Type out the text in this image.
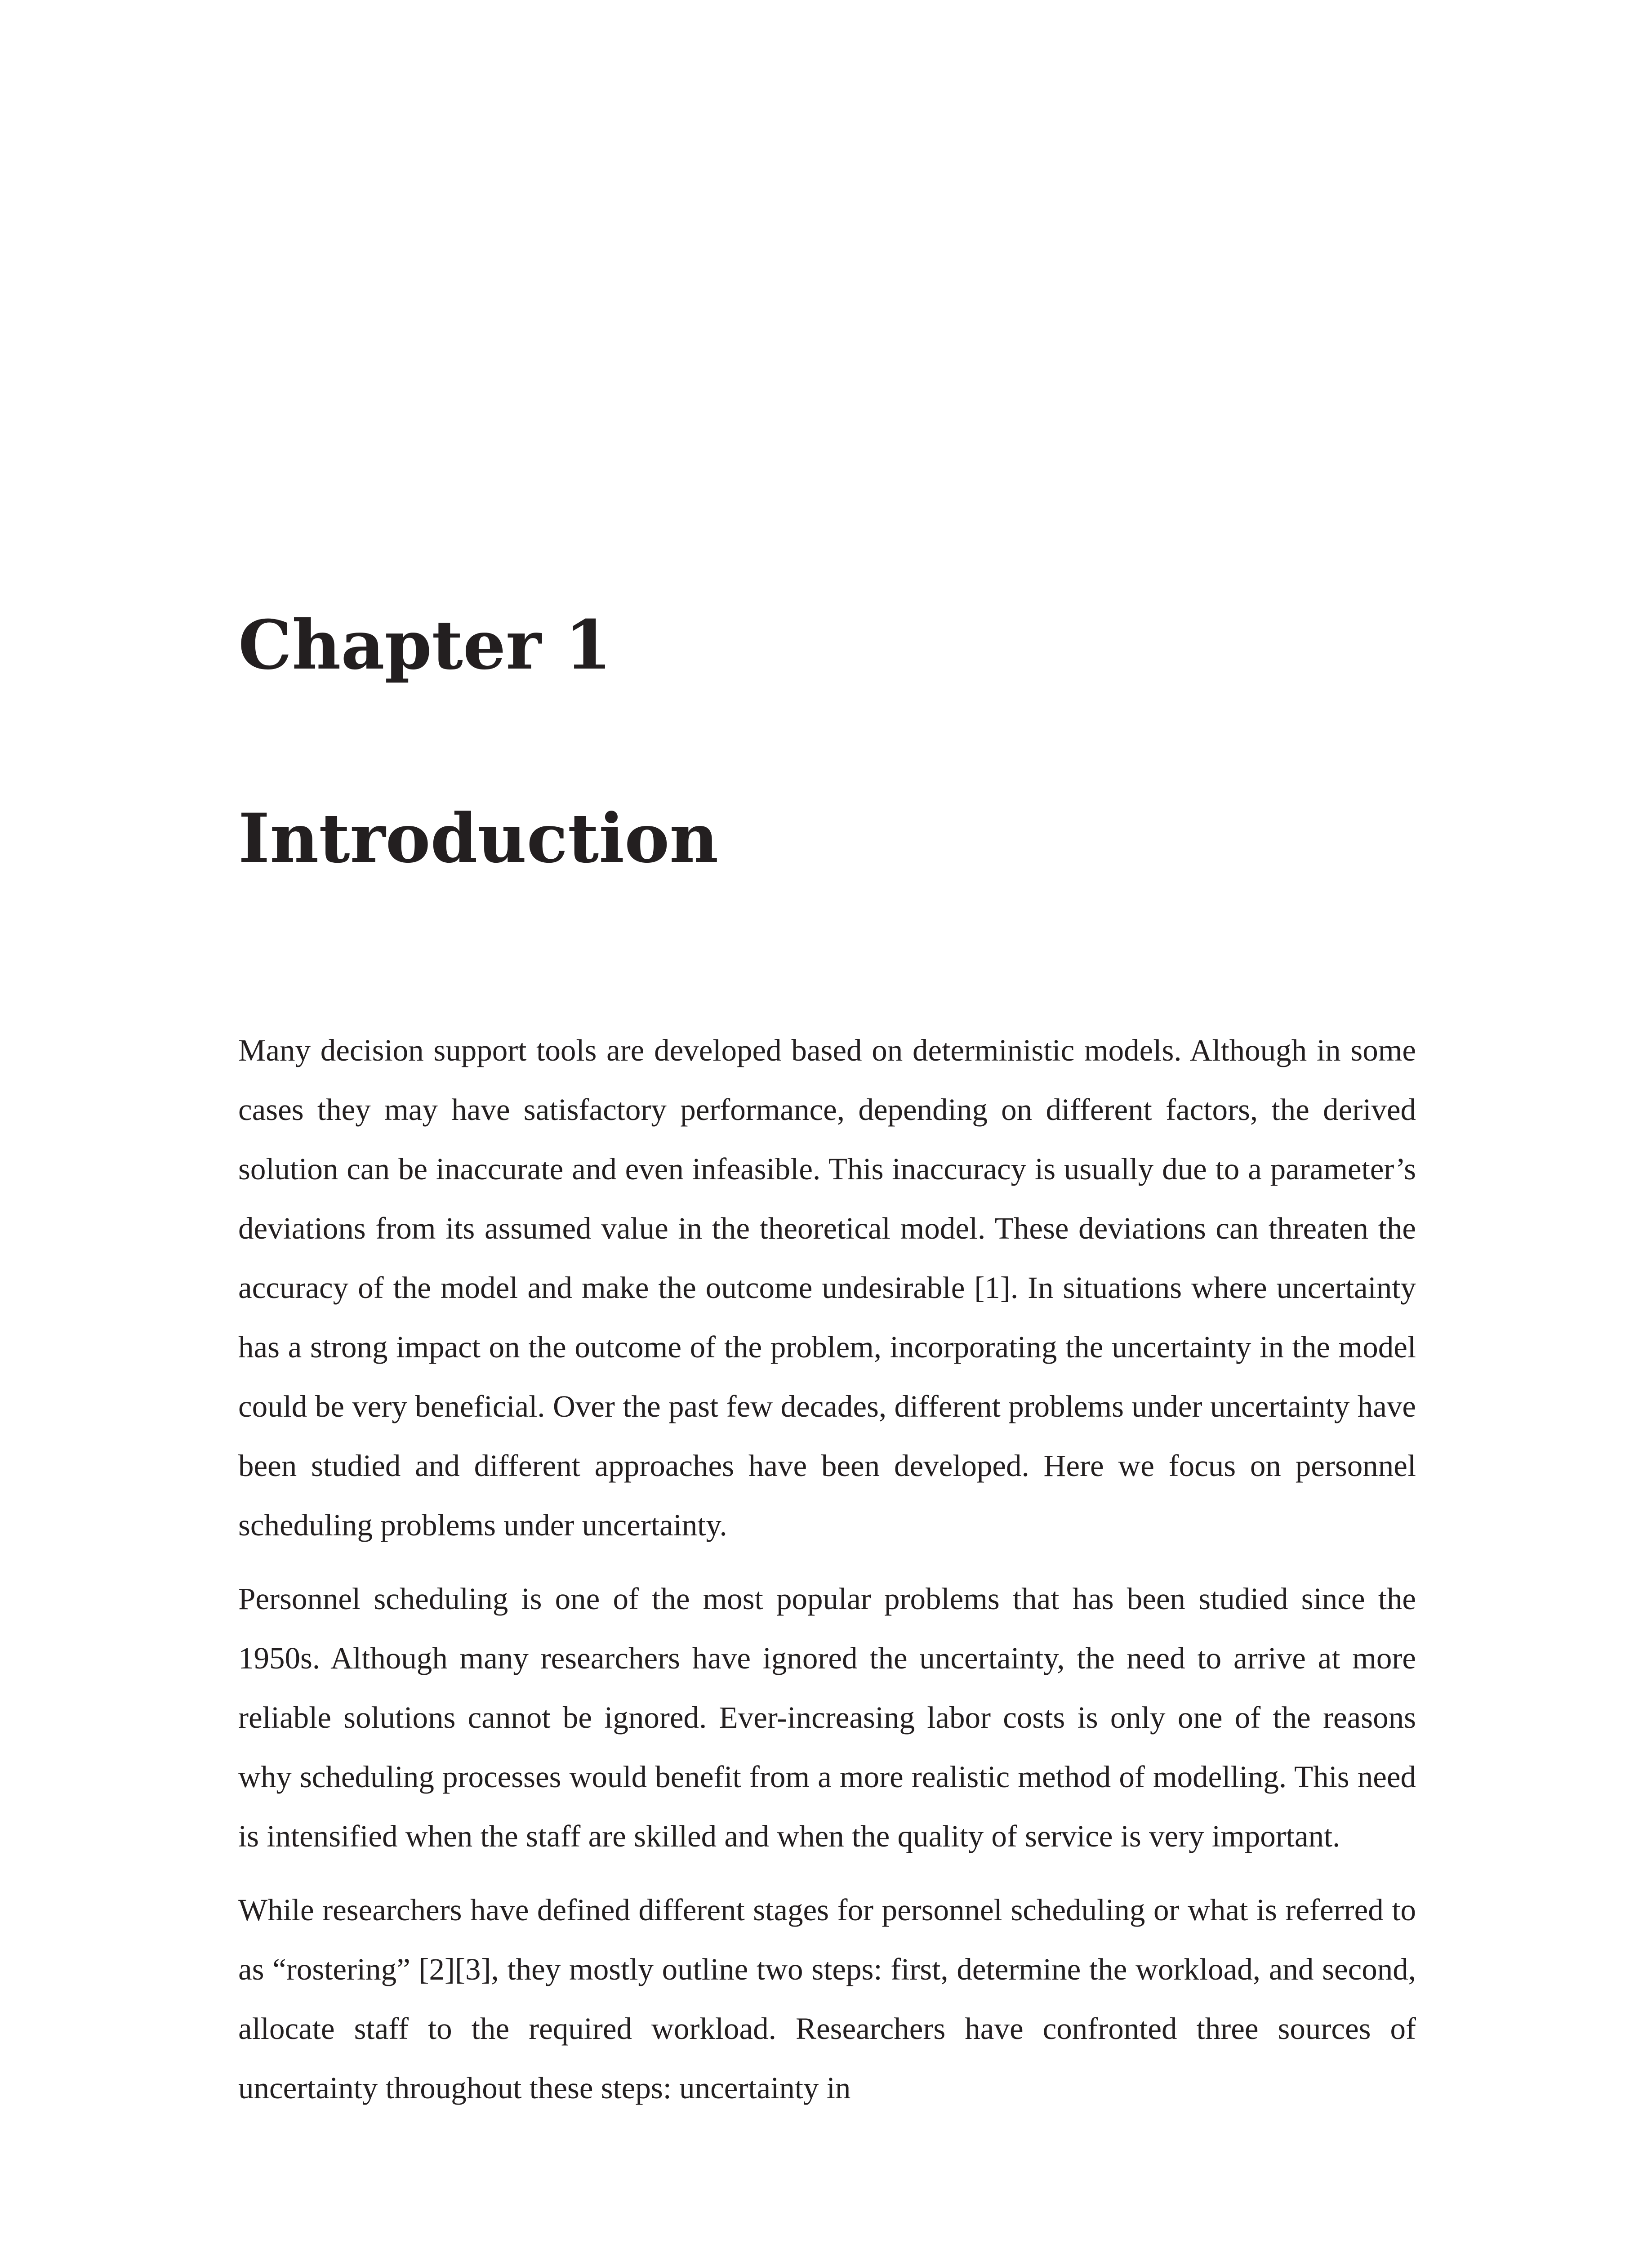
Chapter 1
Introduction

Many decision support tools are developed based on deterministic models. Although in some cases they may have satisfactory performance, depending on different factors, the derived solution can be inaccurate and even infeasible. This inaccuracy is usually due to a parameter’s deviations from its assumed value in the theoretical model. These deviations can threaten the accuracy of the model and make the outcome undesirable [1]. In situations where uncertainty has a strong impact on the outcome of the problem, incorporating the uncertainty in the model could be very beneficial. Over the past few decades, different problems under uncertainty have been studied and different approaches have been developed. Here we focus on personnel scheduling problems under uncertainty.

Personnel scheduling is one of the most popular problems that has been studied since the 1950s. Although many researchers have ignored the uncertainty, the need to arrive at more reliable solutions cannot be ignored. Ever-increasing labor costs is only one of the reasons why scheduling processes would benefit from a more realistic method of modelling. This need is intensified when the staff are skilled and when the quality of service is very important.

While researchers have defined different stages for personnel scheduling or what is referred to as “rostering” [2][3], they mostly outline two steps: first, determine the workload, and second, allocate staff to the required workload. Researchers have confronted three sources of uncertainty throughout these steps: uncertainty in
